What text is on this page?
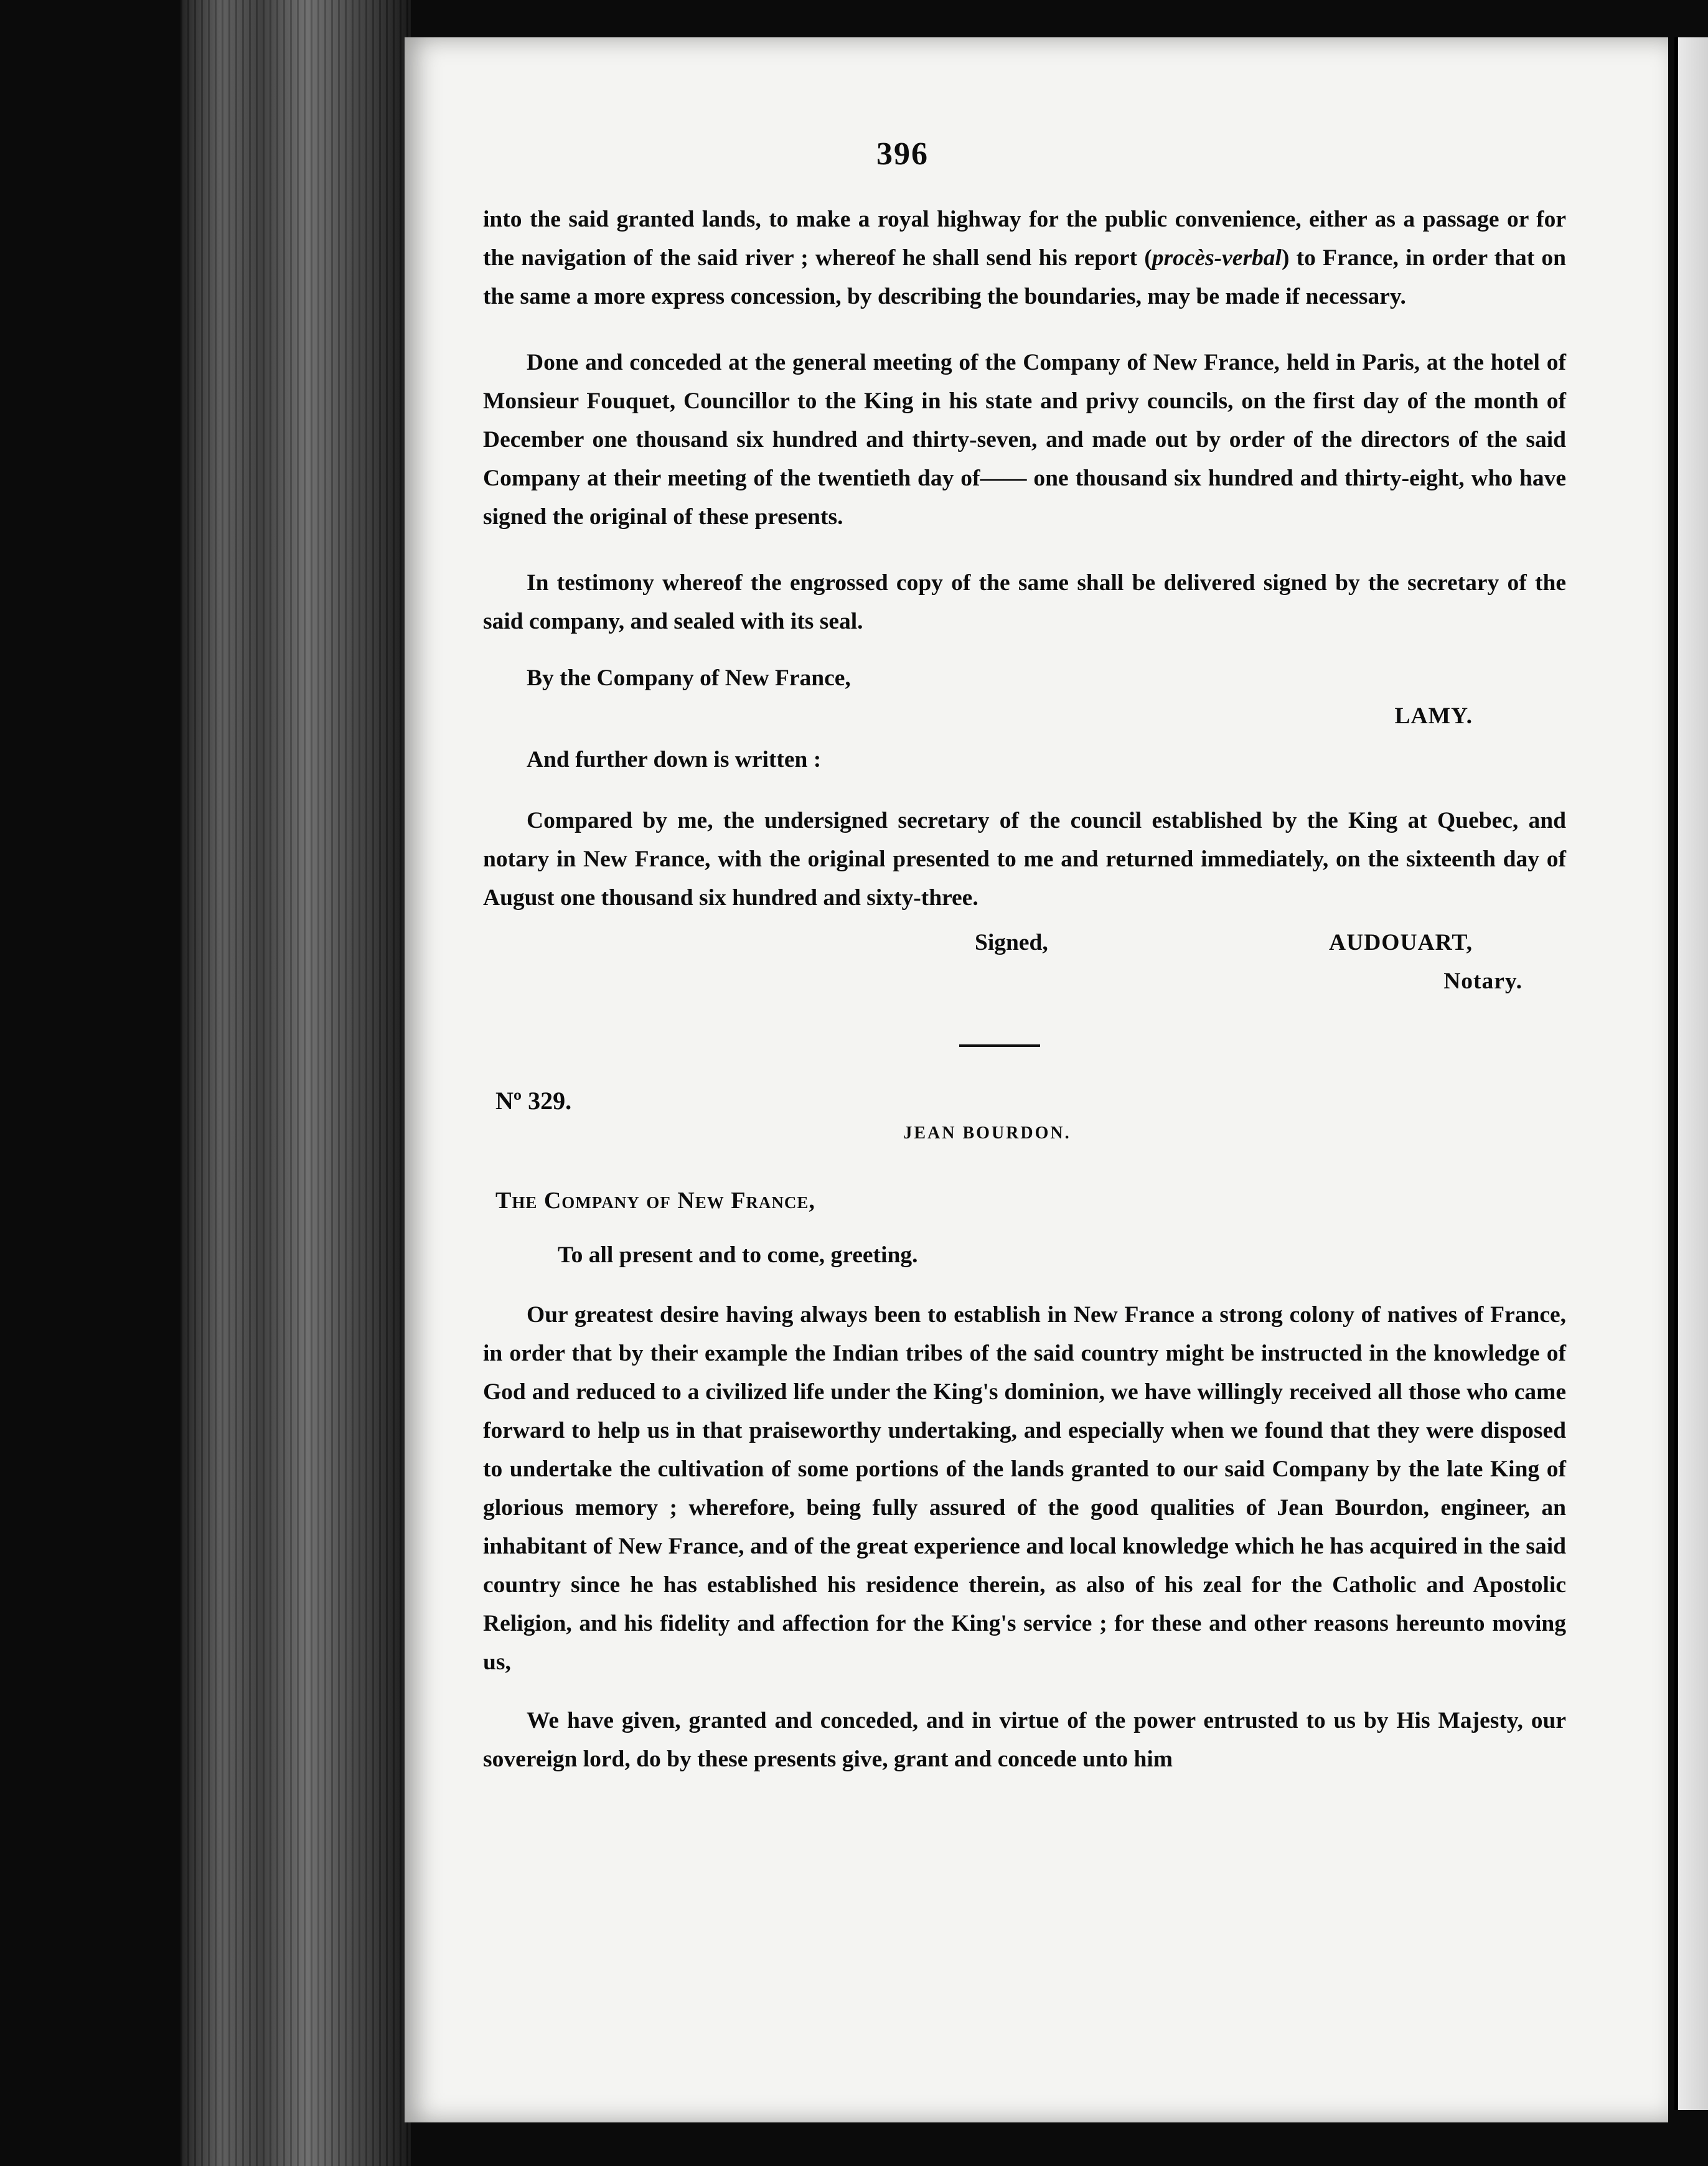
396

into the said granted lands, to make a royal highway for the public convenience, either as a passage or for the navigation of the said river ; whereof he shall send his report (procès-verbal) to France, in order that on the same a more express concession, by describing the boundaries, may be made if necessary.

Done and conceded at the general meeting of the Company of New France, held in Paris, at the hotel of Monsieur Fouquet, Councillor to the King in his state and privy councils, on the first day of the month of December one thousand six hundred and thirty-seven, and made out by order of the directors of the said Company at their meeting of the twentieth day of—— one thousand six hundred and thirty-eight, who have signed the original of these presents.

In testimony whereof the engrossed copy of the same shall be delivered signed by the secretary of the said company, and sealed with its seal.

By the Company of New France,
LAMY.
And further down is written :

Compared by me, the undersigned secretary of the council established by the King at Quebec, and notary in New France, with the original presented to me and returned immediately, on the sixteenth day of August one thousand six hundred and sixty-three.

Signed,	AUDOUART,
Notary.
Nº 329.
JEAN BOURDON.
The Company of New France,
To all present and to come, greeting.

Our greatest desire having always been to establish in New France a strong colony of natives of France, in order that by their example the Indian tribes of the said country might be instructed in the knowledge of God and reduced to a civilized life under the King's dominion, we have willingly received all those who came forward to help us in that praiseworthy undertaking, and especially when we found that they were disposed to undertake the cultivation of some portions of the lands granted to our said Company by the late King of glorious memory ; wherefore, being fully assured of the good qualities of Jean Bourdon, engineer, an inhabitant of New France, and of the great experience and local knowledge which he has acquired in the said country since he has established his residence therein, as also of his zeal for the Catholic and Apostolic Religion, and his fidelity and affection for the King's service ; for these and other reasons hereunto moving us,

We have given, granted and conceded, and in virtue of the power entrusted to us by His Majesty, our sovereign lord, do by these presents give, grant and concede unto him
